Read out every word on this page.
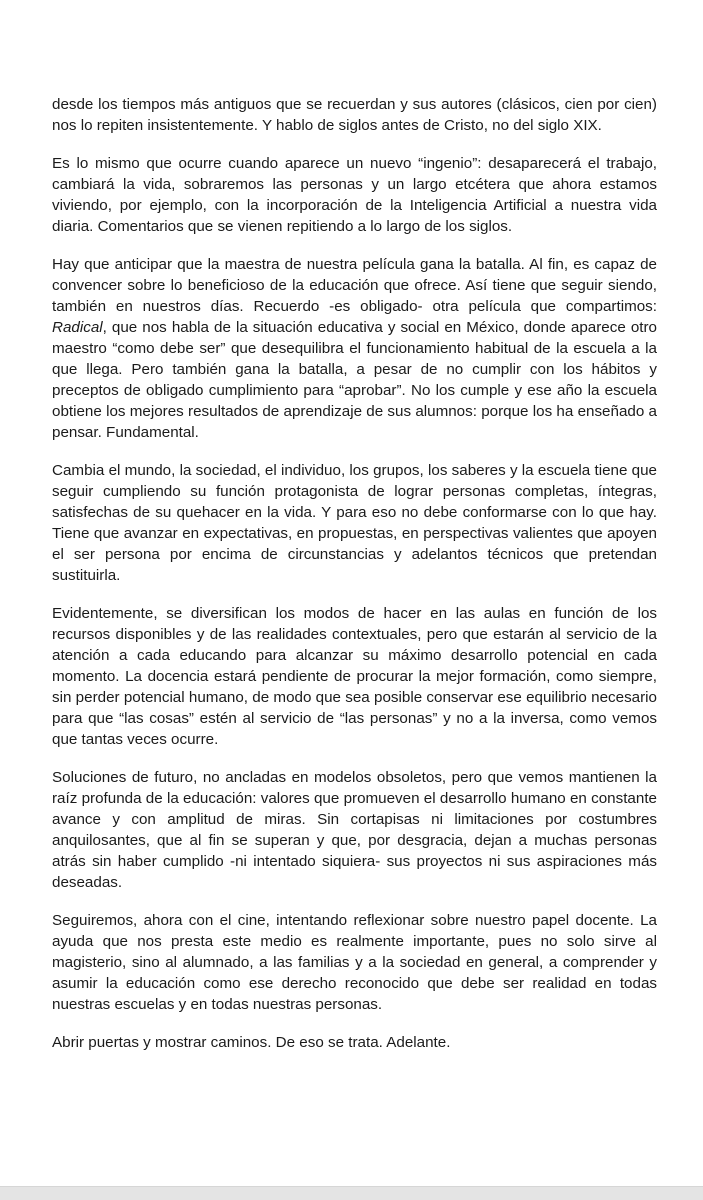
desde los tiempos más antiguos que se recuerdan y sus autores (clásicos, cien por cien) nos lo repiten insistentemente. Y hablo de siglos antes de Cristo, no del siglo XIX.

Es lo mismo que ocurre cuando aparece un nuevo “ingenio”: desaparecerá el trabajo, cambiará la vida, sobraremos las personas y un largo etcétera que ahora estamos viviendo, por ejemplo, con la incorporación de la Inteligencia Artificial a nuestra vida diaria. Comentarios que se vienen repitiendo a lo largo de los siglos.

Hay que anticipar que la maestra de nuestra película gana la batalla. Al fin, es capaz de convencer sobre lo beneficioso de la educación que ofrece. Así tiene que seguir siendo, también en nuestros días. Recuerdo -es obligado- otra película que compartimos: Radical, que nos habla de la situación educativa y social en México, donde aparece otro maestro “como debe ser” que desequilibra el funcionamiento habitual de la escuela a la que llega. Pero también gana la batalla, a pesar de no cumplir con los hábitos y preceptos de obligado cumplimiento para “aprobar”. No los cumple y ese año la escuela obtiene los mejores resultados de aprendizaje de sus alumnos: porque los ha enseñado a pensar. Fundamental.

Cambia el mundo, la sociedad, el individuo, los grupos, los saberes y la escuela tiene que seguir cumpliendo su función protagonista de lograr personas completas, íntegras, satisfechas de su quehacer en la vida. Y para eso no debe conformarse con lo que hay. Tiene que avanzar en expectativas, en propuestas, en perspectivas valientes que apoyen el ser persona por encima de circunstancias y adelantos técnicos que pretendan sustituirla.

Evidentemente, se diversifican los modos de hacer en las aulas en función de los recursos disponibles y de las realidades contextuales, pero que estarán al servicio de la atención a cada educando para alcanzar su máximo desarrollo potencial en cada momento. La docencia estará pendiente de procurar la mejor formación, como siempre, sin perder potencial humano, de modo que sea posible conservar ese equilibrio necesario para que “las cosas” estén al servicio de “las personas” y no a la inversa, como vemos que tantas veces ocurre.

Soluciones de futuro, no ancladas en modelos obsoletos, pero que vemos mantienen la raíz profunda de la educación: valores que promueven el desarrollo humano en constante avance y con amplitud de miras. Sin cortapisas ni limitaciones por costumbres anquilosantes, que al fin se superan y que, por desgracia, dejan a muchas personas atrás sin haber cumplido -ni intentado siquiera- sus proyectos ni sus aspiraciones más deseadas.

Seguiremos, ahora con el cine, intentando reflexionar sobre nuestro papel docente. La ayuda que nos presta este medio es realmente importante, pues no solo sirve al magisterio, sino al alumnado, a las familias y a la sociedad en general, a comprender y asumir la educación como ese derecho reconocido que debe ser realidad en todas nuestras escuelas y en todas nuestras personas.

Abrir puertas y mostrar caminos. De eso se trata. Adelante.
